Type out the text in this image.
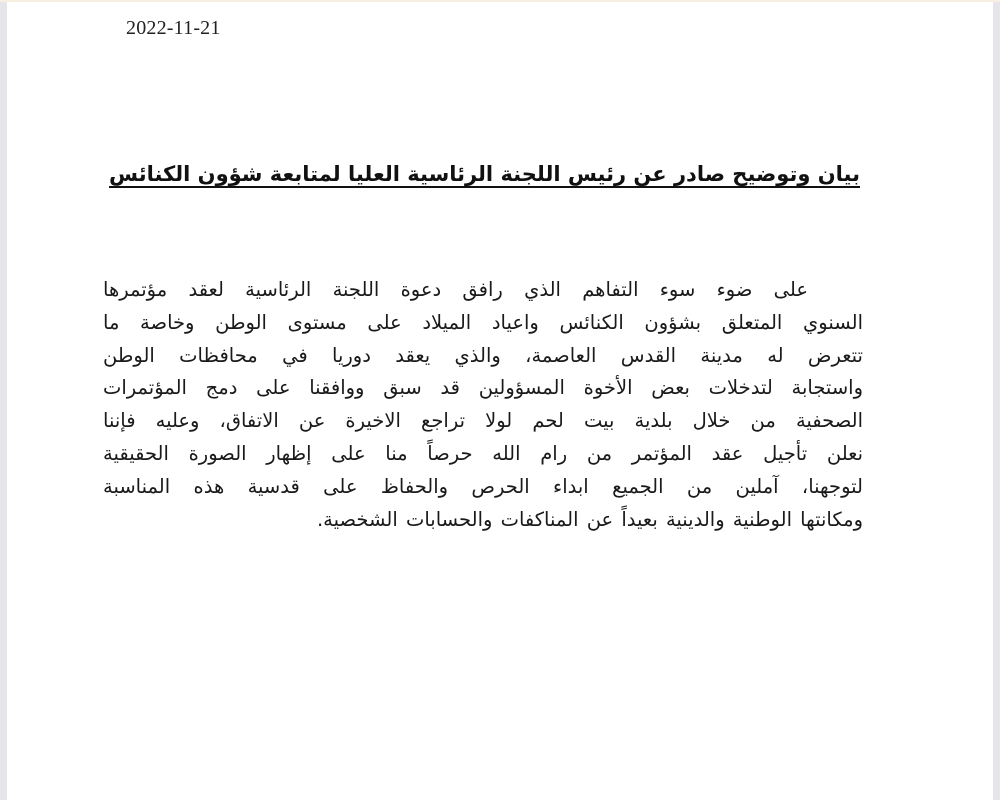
2022-11-21
بيان وتوضيح صادر عن رئيس اللجنة الرئاسية العليا لمتابعة شؤون الكنائس
على ضوء سوء التفاهم الذي رافق دعوة اللجنة الرئاسية لعقد مؤتمرها
السنوي المتعلق بشؤون الكنائس واعياد الميلاد على مستوى الوطن وخاصة ما
تتعرض له مدينة القدس العاصمة، والذي يعقد دوريا في محافظات الوطن
واستجابة لتدخلات بعض الأخوة المسؤولين قد سبق ووافقنا على دمج المؤتمرات
الصحفية من خلال بلدية بيت لحم لولا تراجع الاخيرة عن الاتفاق، وعليه فإننا
نعلن تأجيل عقد المؤتمر من رام الله حرصاً منا على إظهار الصورة الحقيقية
لتوجهنا، آملين من الجميع ابداء الحرص والحفاظ على قدسية هذه المناسبة
ومكانتها الوطنية والدينية بعيداً عن المناكفات والحسابات الشخصية.
